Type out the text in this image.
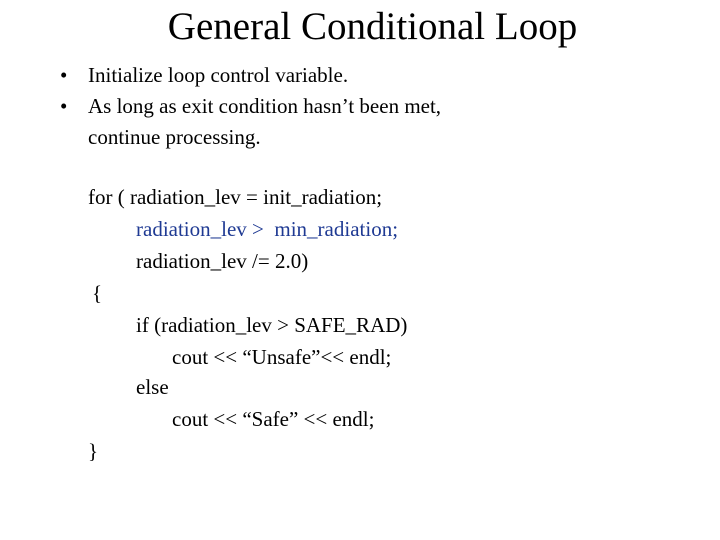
General Conditional Loop
• Initialize loop control variable.
• As long as exit condition hasn’t been met, continue processing.
for ( radiation_lev = init_radiation;
radiation_lev >  min_radiation;
radiation_lev /= 2.0)
{
if (radiation_lev > SAFE_RAD)
cout << “Unsafe”<< endl;
else
cout << “Safe” << endl;
}
